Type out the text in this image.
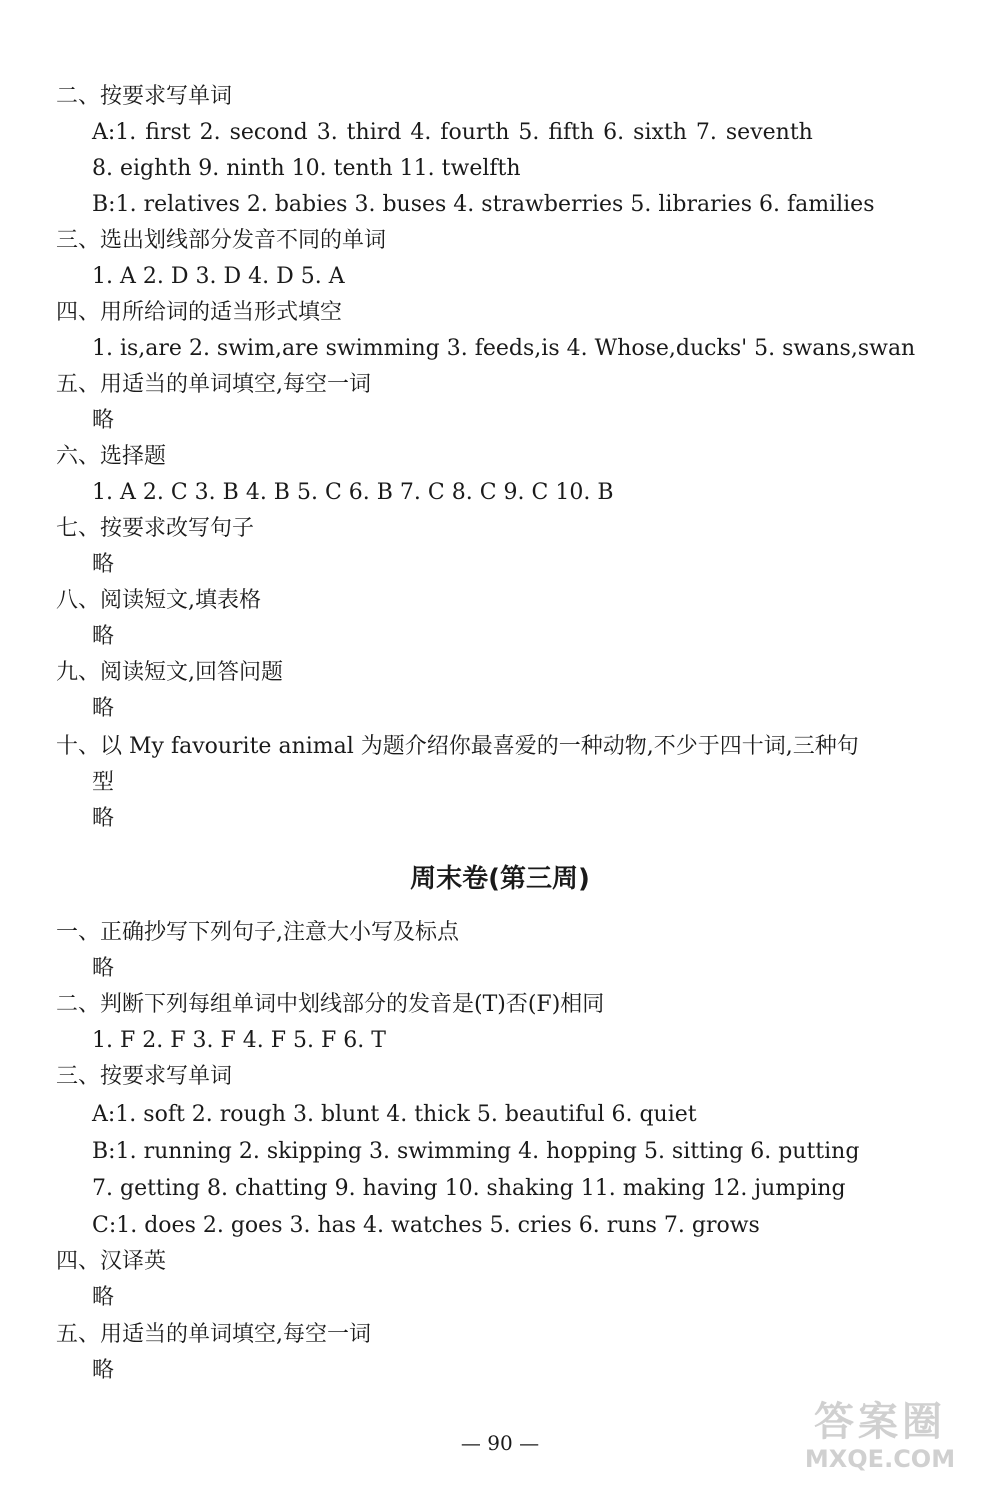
二、按要求写单词
A:1. first 2. second 3. third 4. fourth 5. fifth 6. sixth 7. seventh
8. eighth 9. ninth 10. tenth 11. twelfth
B:1. relatives 2. babies 3. buses 4. strawberries 5. libraries 6. families
三、选出划线部分发音不同的单词
1. A 2. D 3. D 4. D 5. A
四、用所给词的适当形式填空
1. is,are 2. swim,are swimming 3. feeds,is 4. Whose,ducks' 5. swans,swan
五、用适当的单词填空,每空一词
略
六、选择题
1. A 2. C 3. B 4. B 5. C 6. B 7. C 8. C 9. C 10. B
七、按要求改写句子
略
八、阅读短文,填表格
略
九、阅读短文,回答问题
略
十、以 My favourite animal 为题介绍你最喜爱的一种动物,不少于四十词,三种句
型
略
周末卷(第三周)
一、正确抄写下列句子,注意大小写及标点
略
二、判断下列每组单词中划线部分的发音是(T)否(F)相同
1. F 2. F 3. F 4. F 5. F 6. T
三、按要求写单词
A:1. soft 2. rough 3. blunt 4. thick 5. beautiful 6. quiet
B:1. running 2. skipping 3. swimming 4. hopping 5. sitting 6. putting
7. getting 8. chatting 9. having 10. shaking 11. making 12. jumping
C:1. does 2. goes 3. has 4. watches 5. cries 6. runs 7. grows
四、汉译英
略
五、用适当的单词填空,每空一词
略
— 90 —	答案圈
MXQE.COM
